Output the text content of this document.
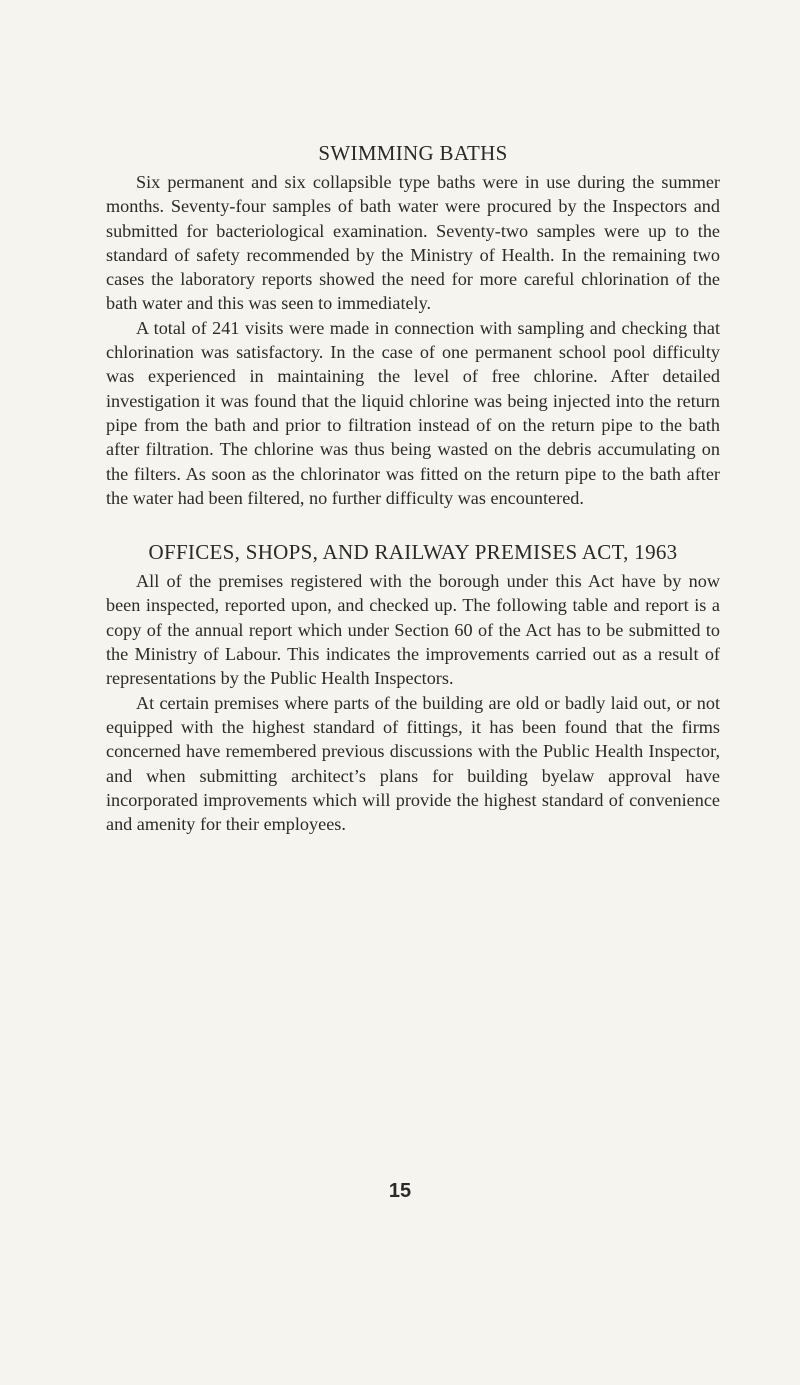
SWIMMING BATHS

Six permanent and six collapsible type baths were in use during the summer months. Seventy-four samples of bath water were procured by the Inspectors and submitted for bacteriological examination. Seventy-two samples were up to the standard of safety recommended by the Ministry of Health. In the remaining two cases the laboratory reports showed the need for more careful chlorination of the bath water and this was seen to immediately.

A total of 241 visits were made in connection with sampling and checking that chlorination was satisfactory. In the case of one permanent school pool difficulty was experienced in maintaining the level of free chlorine. After detailed investigation it was found that the liquid chlorine was being injected into the return pipe from the bath and prior to filtration instead of on the return pipe to the bath after filtration. The chlorine was thus being wasted on the debris accumulating on the filters. As soon as the chlorinator was fitted on the return pipe to the bath after the water had been filtered, no further difficulty was encountered.

OFFICES, SHOPS, AND RAILWAY PREMISES ACT, 1963

All of the premises registered with the borough under this Act have by now been inspected, reported upon, and checked up. The following table and report is a copy of the annual report which under Section 60 of the Act has to be submitted to the Ministry of Labour. This indicates the improvements carried out as a result of representations by the Public Health Inspectors.

At certain premises where parts of the building are old or badly laid out, or not equipped with the highest standard of fittings, it has been found that the firms concerned have remembered previous discussions with the Public Health Inspector, and when submitting architect’s plans for building byelaw approval have incorporated improvements which will provide the highest standard of convenience and amenity for their employees.

15
